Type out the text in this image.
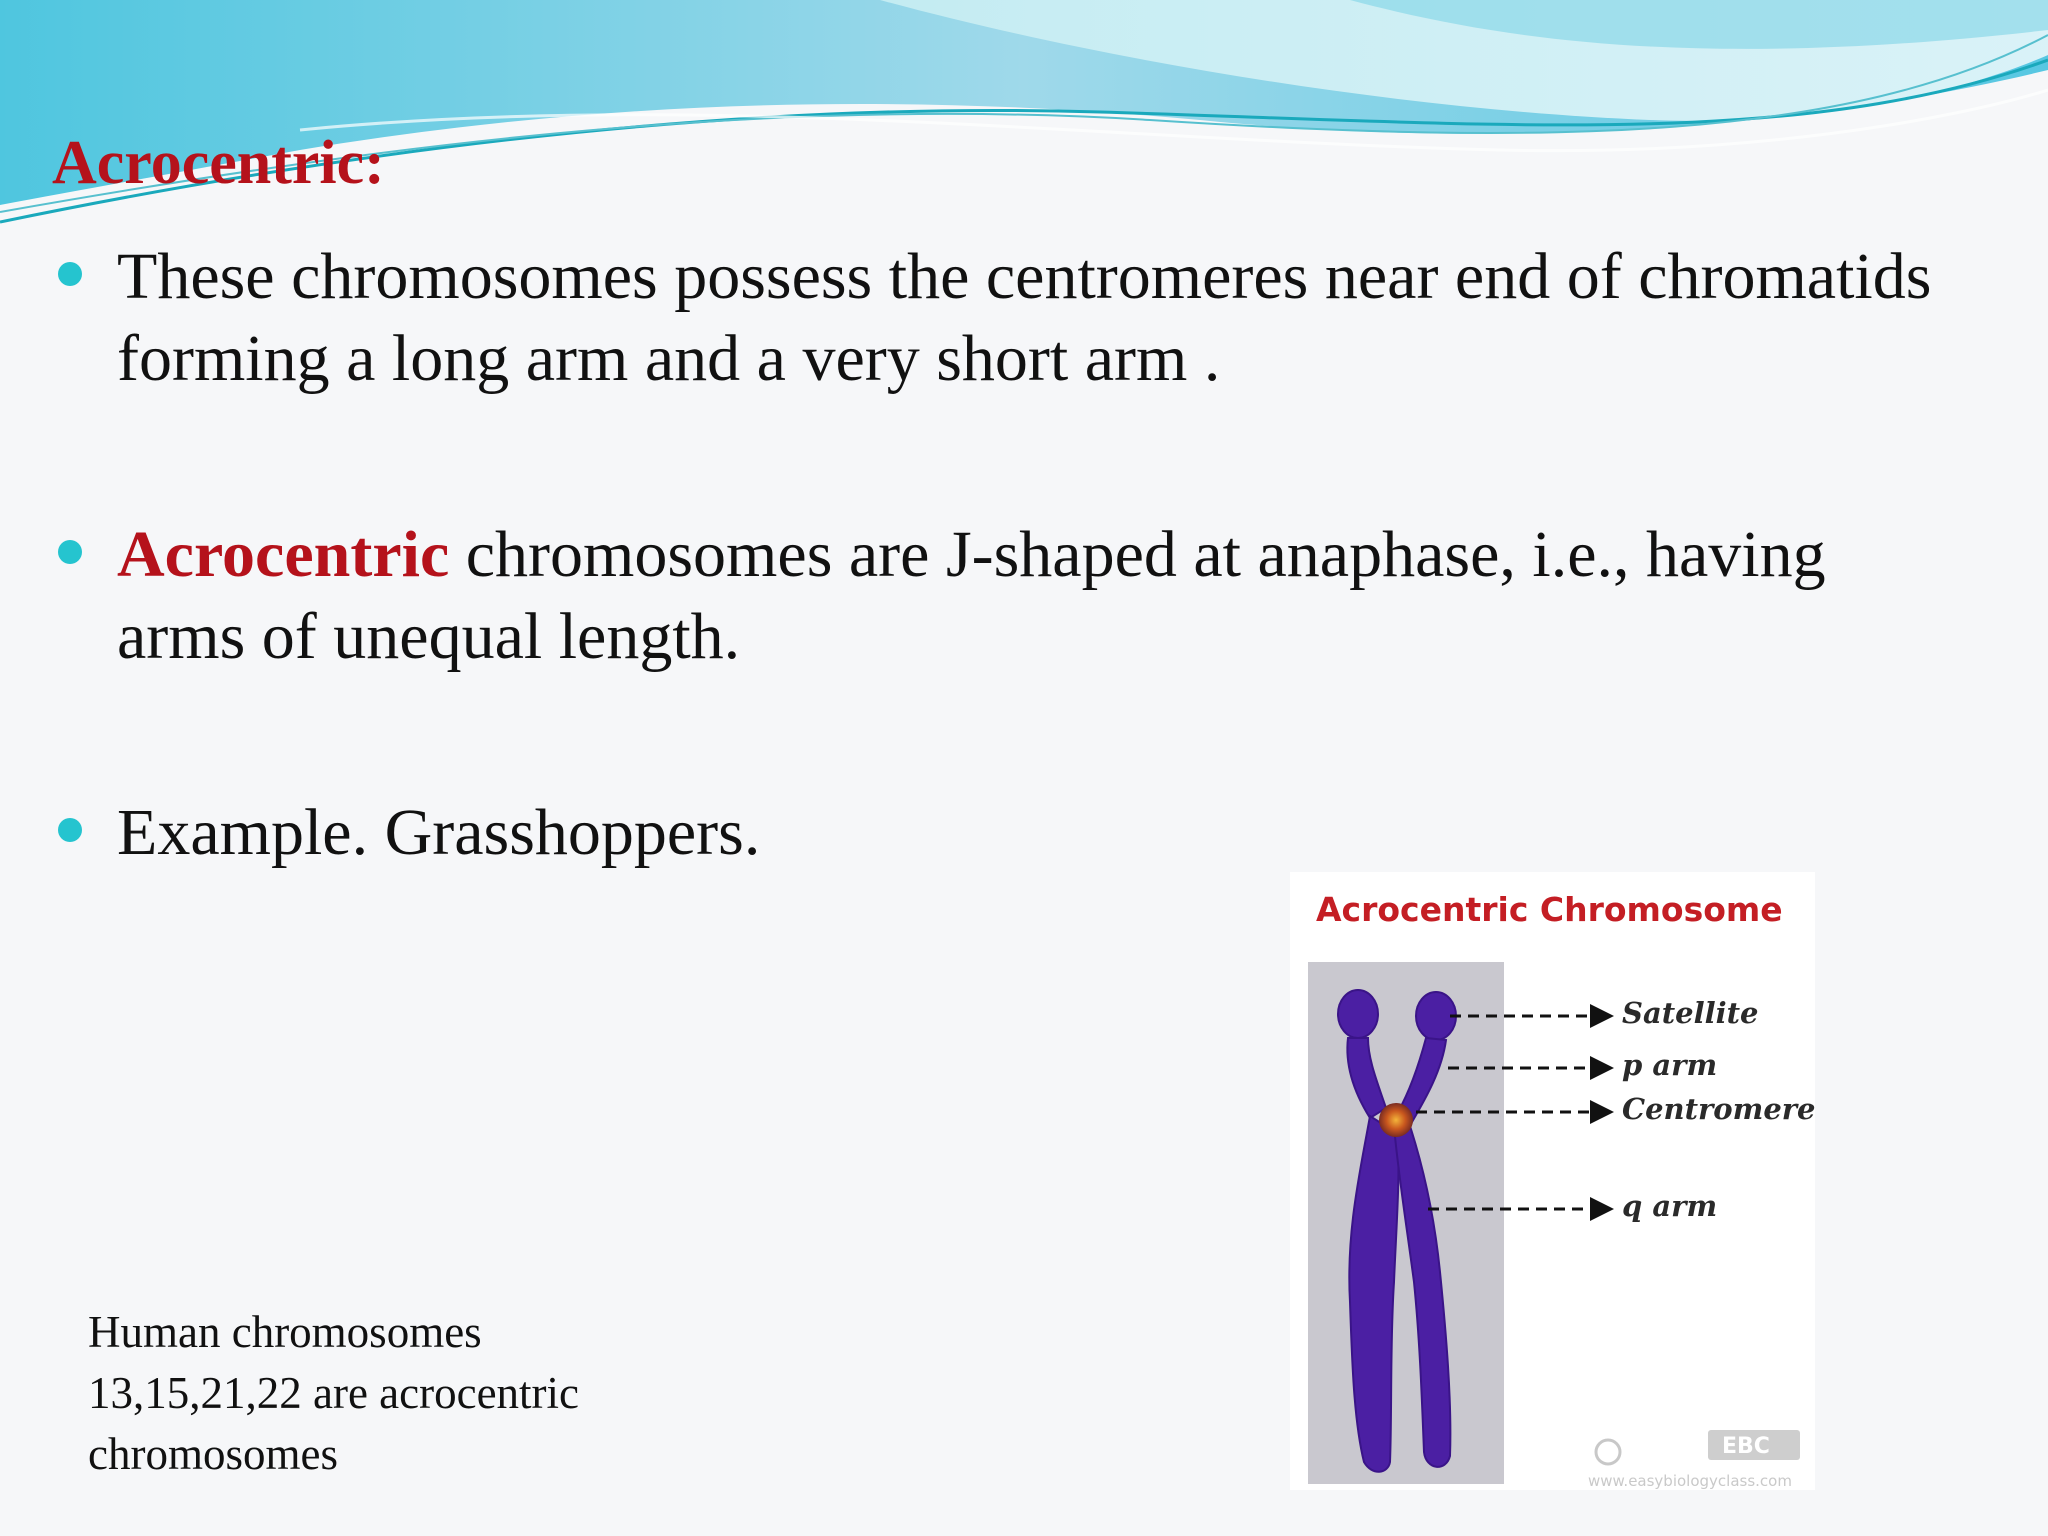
Acrocentric:
These chromosomes possess the centromeres near end of chromatids forming a long arm and a very short arm .
Acrocentric chromosomes are J-shaped at anaphase, i.e., having arms of unequal length.
Example. Grasshoppers.
Human chromosomes
13,15,21,22 are acrocentric
chromosomes	EBC
Acrocentric Chromosome
Satellite
p arm
Centromere
q arm
www.easybiologyclass.com
